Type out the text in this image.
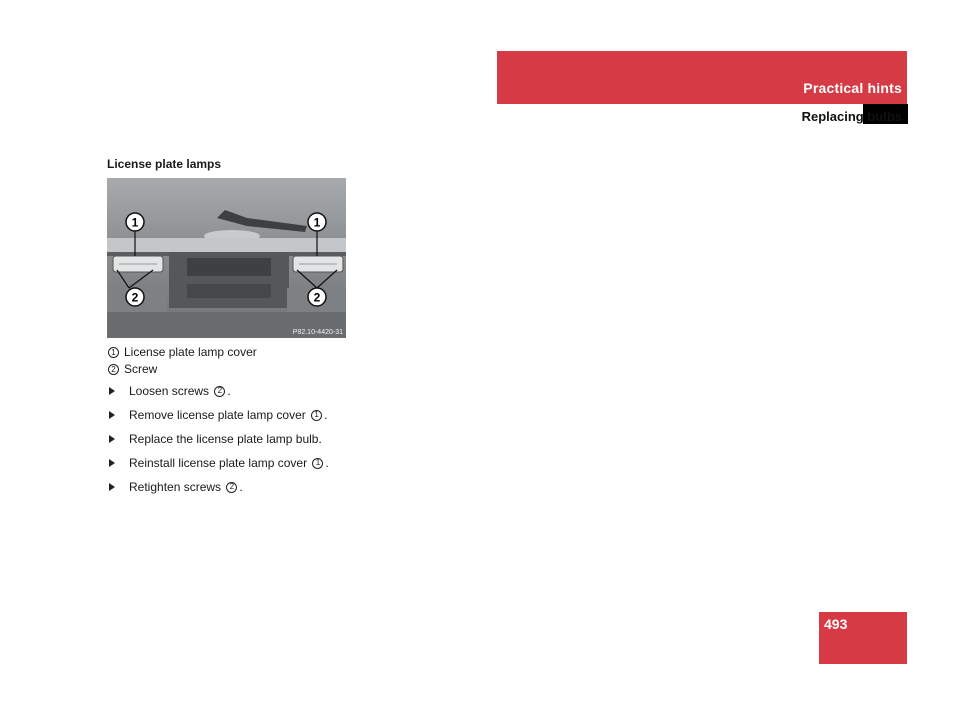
Practical hints
Replacing bulbs
License plate lamps
1	1
2	2
P82.10-4420-31
1 License plate lamp cover
2 Screw
Loosen screws
	2 .
Remove license plate lamp cover
	1 .
Replace the license plate lamp bulb.
Reinstall license plate lamp cover
	1 .
Retighten screws
	2 .
493
